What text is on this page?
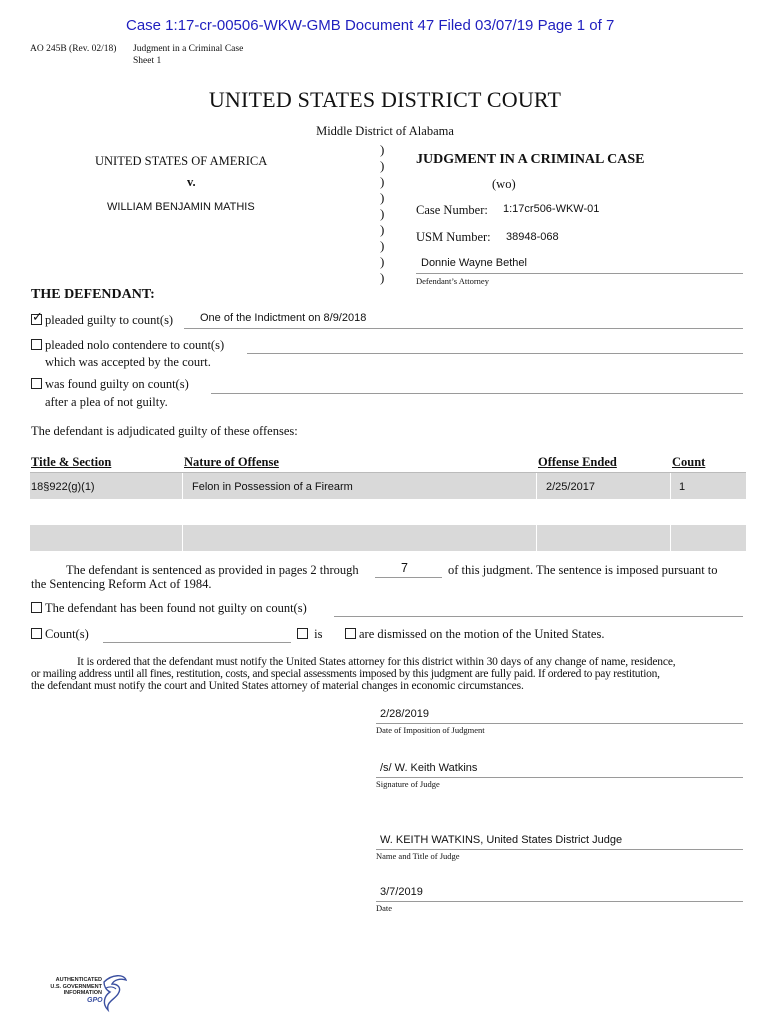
Case 1:17-cr-00506-WKW-GMB Document 47 Filed 03/07/19 Page 1 of 7
AO 245B (Rev. 02/18) Judgment in a Criminal Case
Sheet 1
UNITED STATES DISTRICT COURT
Middle District of Alabama
UNITED STATES OF AMERICA
v.
WILLIAM BENJAMIN MATHIS
)
)
)
)
)
)
)
)
)
JUDGMENT IN A CRIMINAL CASE
(wo)
Case Number: 1:17cr506-WKW-01
USM Number: 38948-068
Donnie Wayne Bethel
Defendant’s Attorney
THE DEFENDANT:
✓pleaded guilty to count(s) One of the Indictment on 8/9/2018
pleaded nolo contendere to count(s)
which was accepted by the court.
was found guilty on count(s)
after a plea of not guilty.
The defendant is adjudicated guilty of these offenses:
Title & Section	Nature of Offense	Offense Ended	Count
18§922(g)(1)	Felon in Possession of a Firearm	2/25/2017	1
The defendant is sentenced as provided in pages 2 through	7	of this judgment. The sentence is imposed pursuant to
the Sentencing Reform Act of 1984.
The defendant has been found not guilty on count(s)
Count(s)	is	are dismissed on the motion of the United States.
It is ordered that the defendant must notify the United States attorney for this district within 30 days of any change of name, residence,
or mailing address until all fines, restitution, costs, and special assessments imposed by this judgment are fully paid. If ordered to pay restitution,
the defendant must notify the court and United States attorney of material changes in economic circumstances.
2/28/2019
Date of Imposition of Judgment
/s/ W. Keith Watkins
Signature of Judge
W. KEITH WATKINS, United States District Judge
Name and Title of Judge
3/7/2019
Date
AUTHENTICATED
U.S. GOVERNMENT
INFORMATION
GPO
